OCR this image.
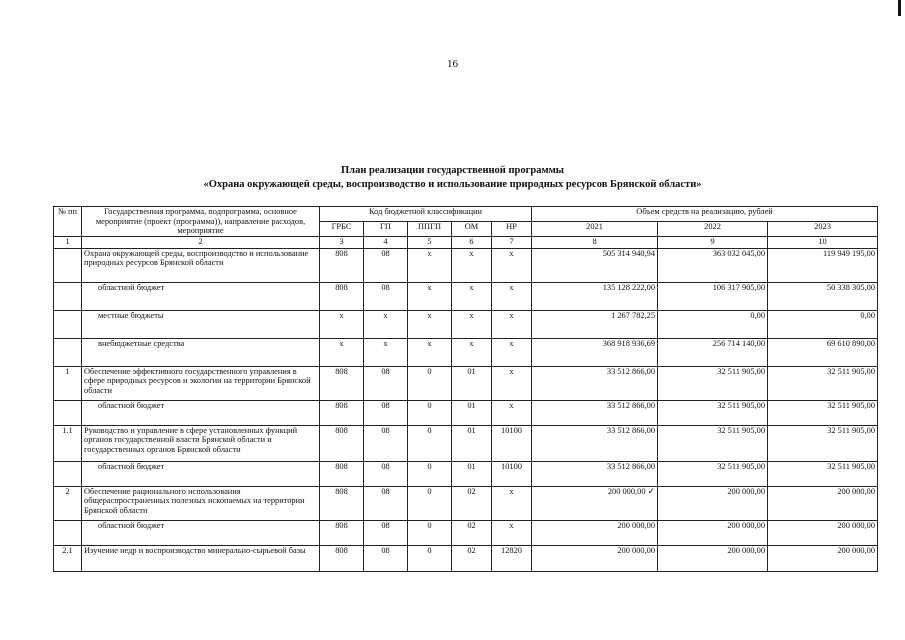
16
План реализации государственной программы
«Охрана окружающей среды, воспроизводство и использование природных ресурсов Брянской области»
№ пп	Государственная программа, подпрограмма, основное мероприятие (проект (программа)), направление расходов, мероприятие	Код бюджетной классификации					Объем средств на реализацию, рублей		
		ГРБС	ГП	ППГП	ОМ	НР	2021	2022	2023
1	2	3	4	5	6	7	8	9	10
	Охрана окружающей среды, воспроизводство и использование природных ресурсов Брянской области	808	08	х	х	х	505 314 940,94	363 032 045,00	119 949 195,00
	областной бюджет	808	08	х	х	х	135 128 222,00	106 317 905,00	50 338 305,00
	местные бюджеты	х	х	х	х	х	1 267 782,25	0,00	0,00
	внебюджетные средства	х	х	х	х	х	368 918 936,69	256 714 140,00	69 610 890,00
1	Обеспечение эффективного государственного управления в сфере природных ресурсов и экологии на территории Брянской области	808	08	0	01	х	33 512 866,00	32 511 905,00	32 511 905,00
	областной бюджет	808	08	0	01	х	33 512 866,00	32 511 905,00	32 511 905,00
1.1	Руководство и управление в сфере установленных функций органов государственной власти Брянской области и государственных органов Брянской области	808	08	0	01	10100	33 512 866,00	32 511 905,00	32 511 905,00
	областной бюджет	808	08	0	01	10100	33 512 866,00	32 511 905,00	32 511 905,00
2	Обеспечение рационального использования общераспространенных полезных ископаемых на территории Брянской области	808	08	0	02	х	200 000,00 ✓	200 000,00	200 000,00
	областной бюджет	808	08	0	02	х	200 000,00	200 000,00	200 000,00
2.1	Изучение недр и воспроизводство минерально-сырьевой базы	808	08	0	02	12820	200 000,00	200 000,00	200 000,00
